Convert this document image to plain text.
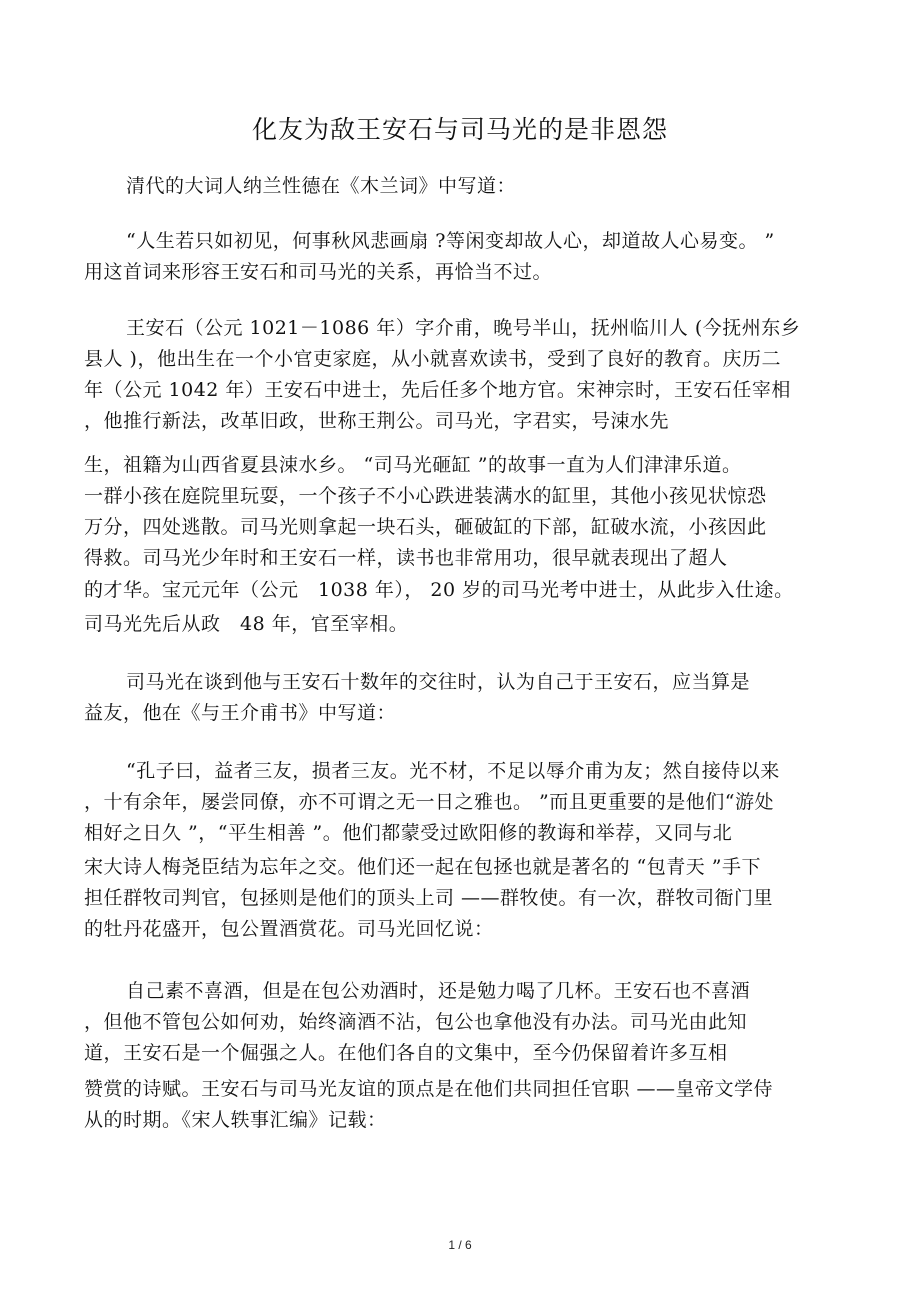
化友为敌王安石与司马光的是非恩怨
清代的大词人纳兰性德在《木兰词》中写道：
“人生若只如初见，何事秋风悲画扇 ?等闲变却故人心，却道故人心易变。 ”
用这首词来形容王安石和司马光的关系，再恰当不过。
王安石（公元 1021－1086 年）字介甫，晚号半山，抚州临川人 (今抚州东乡
县人 )，他出生在一个小官吏家庭，从小就喜欢读书，受到了良好的教育。庆历二
年（公元 1042 年）王安石中进士，先后任多个地方官。宋神宗时，王安石任宰相
，他推行新法，改革旧政，世称王荆公。司马光，字君实，号涑水先
生，祖籍为山西省夏县涑水乡。 “司马光砸缸 ”的故事一直为人们津津乐道。
一群小孩在庭院里玩耍，一个孩子不小心跌进装满水的缸里，其他小孩见状惊恐
万分，四处逃散。司马光则拿起一块石头，砸破缸的下部，缸破水流，小孩因此
得救。司马光少年时和王安石一样，读书也非常用功，很早就表现出了超人
的才华。宝元元年（公元　1038 年）， 20 岁的司马光考中进士，从此步入仕途。
司马光先后从政　48 年，官至宰相。
司马光在谈到他与王安石十数年的交往时，认为自己于王安石，应当算是
益友，他在《与王介甫书》中写道：
“孔子曰，益者三友，损者三友。光不材，不足以辱介甫为友；然自接侍以来
，十有余年，屡尝同僚，亦不可谓之无一日之雅也。 ”而且更重要的是他们“游处
相好之日久 ”，“平生相善 ”。他们都蒙受过欧阳修的教诲和举荐，又同与北
宋大诗人梅尧臣结为忘年之交。他们还一起在包拯也就是著名的 “包青天 ”手下
担任群牧司判官，包拯则是他们的顶头上司 ——群牧使。有一次，群牧司衙门里
的牡丹花盛开，包公置酒赏花。司马光回忆说：
自己素不喜酒，但是在包公劝酒时，还是勉力喝了几杯。王安石也不喜酒
，但他不管包公如何劝，始终滴酒不沾，包公也拿他没有办法。司马光由此知
道，王安石是一个倔强之人。在他们各自的文集中，至今仍保留着许多互相
赞赏的诗赋。王安石与司马光友谊的顶点是在他们共同担任官职 ——皇帝文学侍
从的时期。《宋人轶事汇编》记载：
1 / 6
